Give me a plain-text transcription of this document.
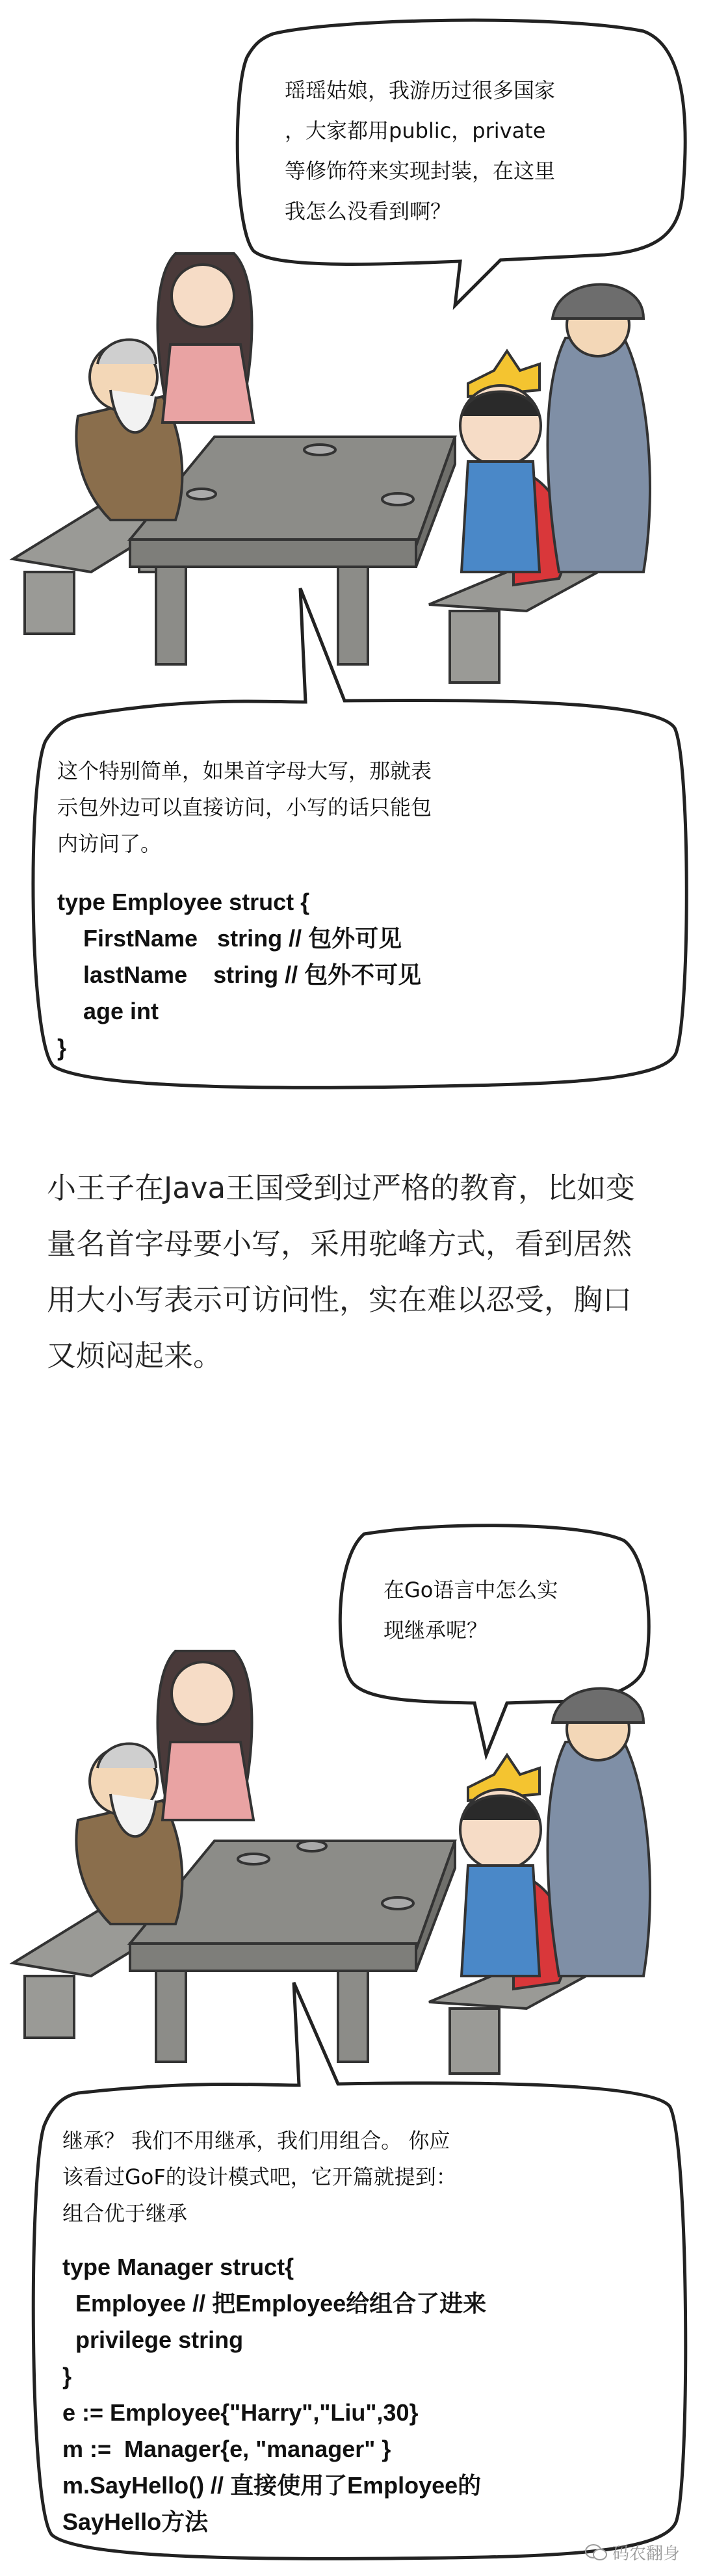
瑶瑶姑娘，我游历过很多国家
，大家都用public，private
等修饰符来实现封装，在这里
我怎么没看到啊？
这个特别简单，如果首字母大写，那就表
示包外边可以直接访问，小写的话只能包
内访问了。
type Employee struct {
FirstName   string // 包外可见
lastName    string // 包外不可见
age int
}
小王子在Java王国受到过严格的教育，比如变量名首字母要小写，采用驼峰方式，看到居然用大小写表示可访问性，实在难以忍受，胸口又烦闷起来。
在Go语言中怎么实
现继承呢？
继承？ 我们不用继承，我们用组合。 你应
该看过GoF的设计模式吧，它开篇就提到：
组合优于继承
type Manager struct{
Employee // 把Employee给组合了进来
privilege string
}
e := Employee{"Harry","Liu",30}
m :=  Manager{e, "manager" }
m.SayHello() // 直接使用了Employee的
SayHello方法
码农翻身
